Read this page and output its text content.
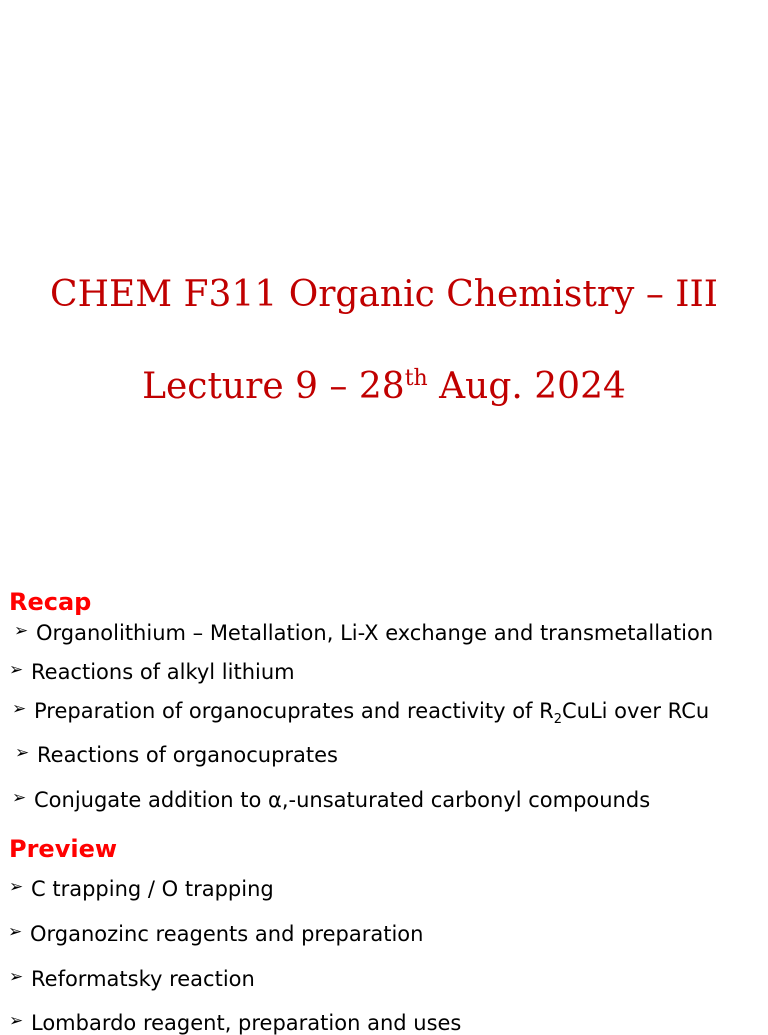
CHEM F311 Organic Chemistry – III
Lecture 9 – 28th Aug. 2024
Recap

➢ Organolithium – Metallation, Li-X exchange and transmetallation

➢ Reactions of alkyl lithium

➢ Preparation of organocuprates and reactivity of $R_2CuLi$ over RCu

➢ Reactions of organocuprates

➢ Conjugate addition to α,-unsaturated carbonyl compounds

Preview

➢ C trapping / O trapping

➢ Organozinc reagents and preparation

➢ Reformatsky reaction

➢ Lombardo reagent, preparation and uses
